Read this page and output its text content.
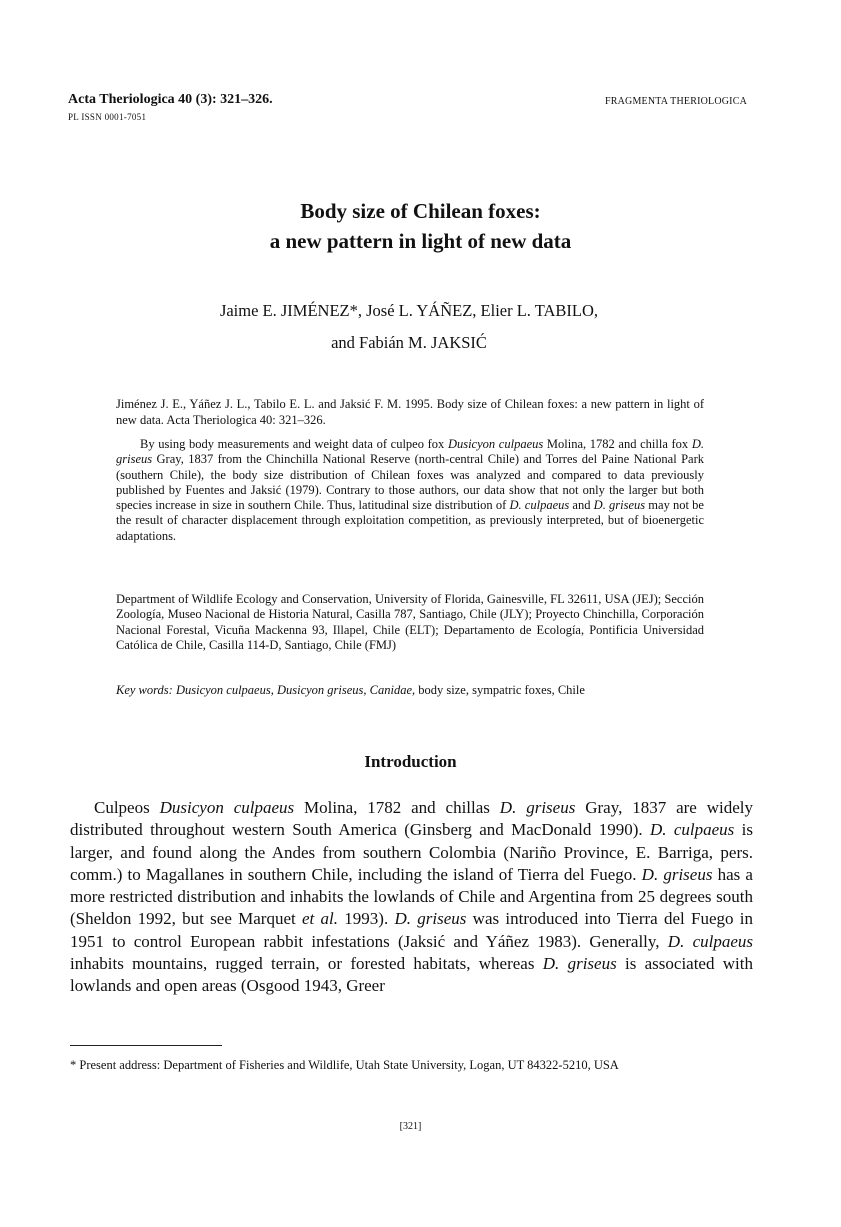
Acta Theriologica 40 (3): 321–326.
PL ISSN 0001-7051
FRAGMENTA THERIOLOGICA
Body size of Chilean foxes:
a new pattern in light of new data
Jaime E. JIMÉNEZ*, José L. YÁÑEZ, Elier L. TABILO,
and Fabián M. JAKSIĆ
Jiménez J. E., Yáñez J. L., Tabilo E. L. and Jaksić F. M. 1995. Body size of Chilean foxes: a new pattern in light of new data. Acta Theriologica 40: 321–326.
By using body measurements and weight data of culpeo fox Dusicyon culpaeus Molina, 1782 and chilla fox D. griseus Gray, 1837 from the Chinchilla National Reserve (north-central Chile) and Torres del Paine National Park (southern Chile), the body size distribution of Chilean foxes was analyzed and compared to data previously published by Fuentes and Jaksić (1979). Contrary to those authors, our data show that not only the larger but both species increase in size in southern Chile. Thus, latitudinal size distribution of D. culpaeus and D. griseus may not be the result of character displacement through exploitation competition, as previously interpreted, but of bioenergetic adaptations.
Department of Wildlife Ecology and Conservation, University of Florida, Gainesville, FL 32611, USA (JEJ); Sección Zoología, Museo Nacional de Historia Natural, Casilla 787, Santiago, Chile (JLY); Proyecto Chinchilla, Corporación Nacional Forestal, Vicuña Mackenna 93, Illapel, Chile (ELT); Departamento de Ecología, Pontificia Universidad Católica de Chile, Casilla 114-D, Santiago, Chile (FMJ)
Key words: Dusicyon culpaeus, Dusicyon griseus, Canidae, body size, sympatric foxes, Chile
Introduction
Culpeos Dusicyon culpaeus Molina, 1782 and chillas D. griseus Gray, 1837 are widely distributed throughout western South America (Ginsberg and MacDonald 1990). D. culpaeus is larger, and found along the Andes from southern Colombia (Nariño Province, E. Barriga, pers. comm.) to Magallanes in southern Chile, including the island of Tierra del Fuego. D. griseus has a more restricted distribution and inhabits the lowlands of Chile and Argentina from 25 degrees south (Sheldon 1992, but see Marquet et al. 1993). D. griseus was introduced into Tierra del Fuego in 1951 to control European rabbit infestations (Jaksić and Yáñez 1983). Generally, D. culpaeus inhabits mountains, rugged terrain, or forested habitats, whereas D. griseus is associated with lowlands and open areas (Osgood 1943, Greer
* Present address: Department of Fisheries and Wildlife, Utah State University, Logan, UT 84322-5210, USA
[321]
